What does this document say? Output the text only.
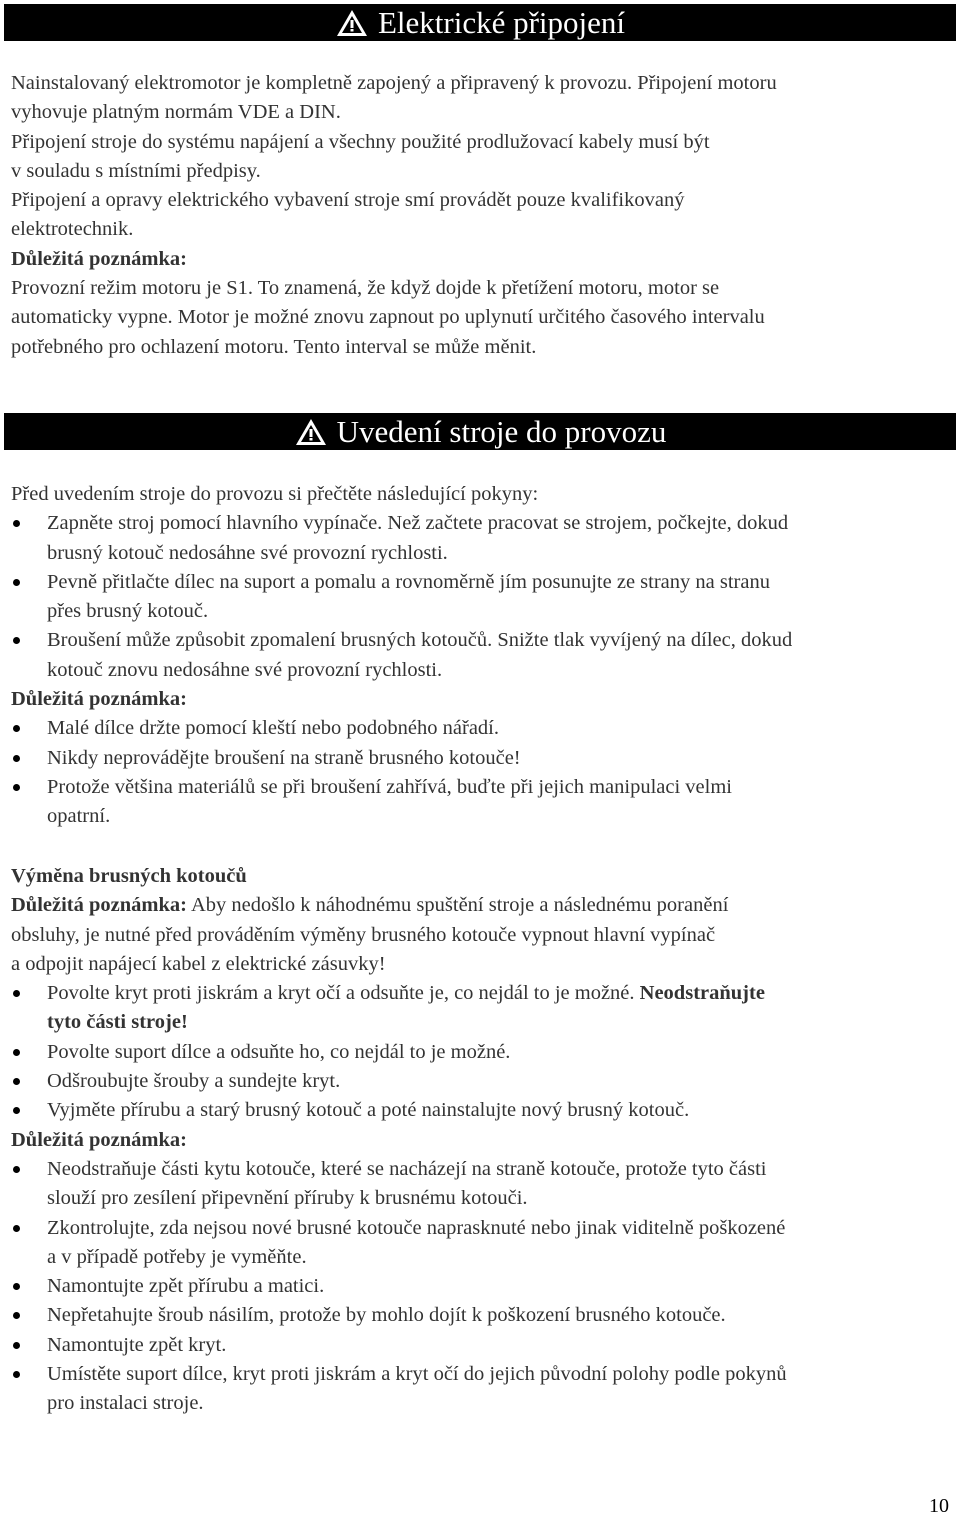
Elektrické připojení

Nainstalovaný elektromotor je kompletně zapojený a připravený k provozu. Připojení motoru
vyhovuje platným normám VDE a DIN.

Připojení stroje do systému napájení a všechny použité prodlužovací kabely musí být
v souladu s místními předpisy.

Připojení a opravy elektrického vybavení stroje smí provádět pouze kvalifikovaný
elektrotechnik.

Důležitá poznámka:

Provozní režim motoru je S1. To znamená, že když dojde k přetížení motoru, motor se
automaticky vypne. Motor je možné znovu zapnout po uplynutí určitého časového intervalu
potřebného pro ochlazení motoru. Tento interval se může měnit.

Uvedení stroje do provozu

Před uvedením stroje do provozu si přečtěte následující pokyny:

Zapněte stroj pomocí hlavního vypínače. Než začtete pracovat se strojem, počkejte, dokud
brusný kotouč nedosáhne své provozní rychlosti.
Pevně přitlačte dílec na suport a pomalu a rovnoměrně jím posunujte ze strany na stranu
přes brusný kotouč.
Broušení může způsobit zpomalení brusných kotoučů. Snižte tlak vyvíjený na dílec, dokud
kotouč znovu nedosáhne své provozní rychlosti.

Důležitá poznámka:

Malé dílce držte pomocí kleští nebo podobného nářadí.
Nikdy neprovádějte broušení na straně brusného kotouče!
Protože většina materiálů se při broušení zahřívá, buďte při jejich manipulaci velmi
opatrní.

Výměna brusných kotoučů

Důležitá poznámka: Aby nedošlo k náhodnému spuštění stroje a následnému poranění
obsluhy, je nutné před prováděním výměny brusného kotouče vypnout hlavní vypínač
a odpojit napájecí kabel z elektrické zásuvky!

Povolte kryt proti jiskrám a kryt očí a odsuňte je, co nejdál to je možné. Neodstraňujte
tyto části stroje!
Povolte suport dílce a odsuňte ho, co nejdál to je možné.
Odšroubujte šrouby a sundejte kryt.
Vyjměte přírubu a starý brusný kotouč a poté nainstalujte nový brusný kotouč.

Důležitá poznámka:

Neodstraňuje části kytu kotouče, které se nacházejí na straně kotouče, protože tyto části
slouží pro zesílení připevnění příruby k brusnému kotouči.
Zkontrolujte, zda nejsou nové brusné kotouče naprasknuté nebo jinak viditelně poškozené
a v případě potřeby je vyměňte.
Namontujte zpět přírubu a matici.
Nepřetahujte šroub násilím, protože by mohlo dojít k poškození brusného kotouče.
Namontujte zpět kryt.
Umístěte suport dílce, kryt proti jiskrám a kryt očí do jejich původní polohy podle pokynů
pro instalaci stroje.
10
